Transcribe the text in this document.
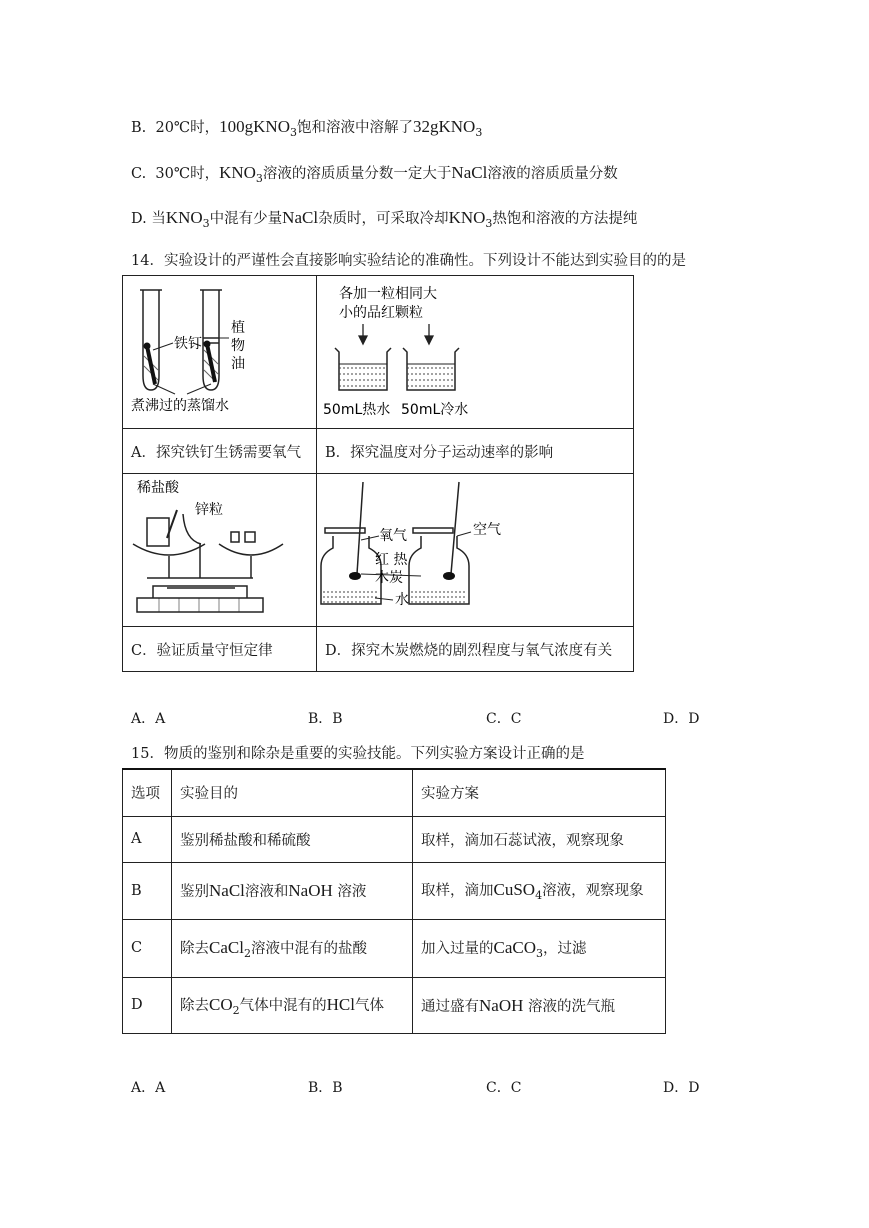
B. 20℃时，100gKNO$_3$饱和溶液中溶解了32gKNO$_3$
C. 30℃时，$KNO_3$溶液的溶质质量分数一定大于NaCl溶液的溶质质量分数
D. 当$KNO_3$中混有少量NaCl杂质时，可采取冷却$KNO_3$热饱和溶液的方法提纯
14．实验设计的严谨性会直接影响实验结论的准确性。下列设计不能达到实验目的的是
铁钉
植
物
油
煮沸过的蒸馏水	各加一粒相同大
小的品红颗粒
50mL热水 50mL冷水

A．探究铁钉生锈需要氧气	B．探究温度对分子运动速率的影响

稀盐酸
锌粒	氧气 空气
红 热
木炭
水

C．验证质量守恒定律	D．探究木炭燃烧的剧烈程度与氧气浓度有关
A．A	B．B	C．C	D．D
15．物质的鉴别和除杂是重要的实验技能。下列实验方案设计正确的是
选项	实验目的	实验方案
A	鉴别稀盐酸和稀硫酸	取样，滴加石蕊试液，观察现象
B	鉴别NaCl溶液和NaOH 溶液	取样，滴加CuSO$_4$溶液，观察现象
C	除去CaCl$_2$溶液中混有的盐酸	加入过量的CaCO$_3$，过滤
D	除去$CO_2$气体中混有的HCl气体	通过盛有NaOH 溶液的洗气瓶
A．A	B．B	C．C	D．D
